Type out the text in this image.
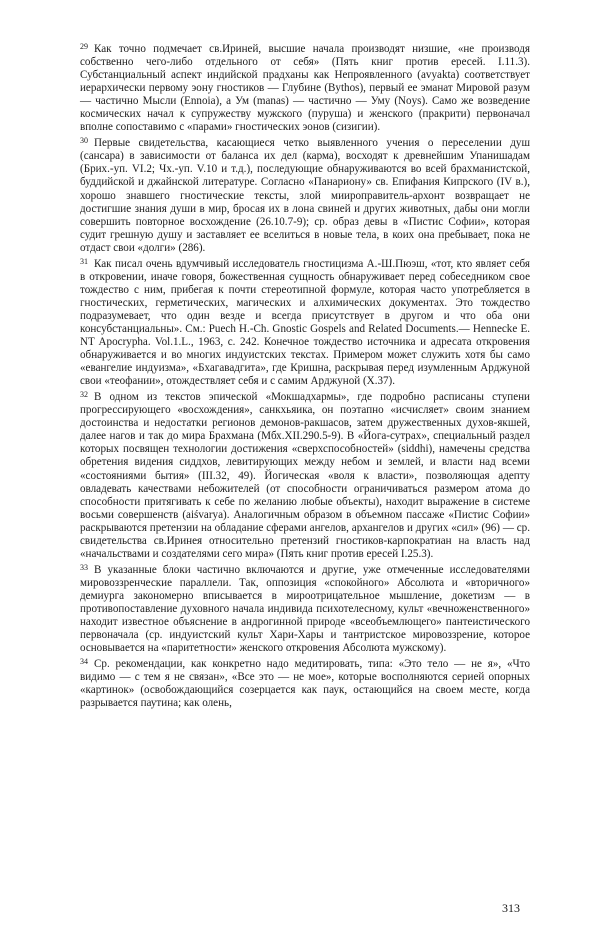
$^{29}$ Как точно подмечает св.Ириней, высшие начала производят низшие, «не производя собственно чего-либо отдельного от себя» (Пять книг против ересей. I.11.3). Субстанциальный аспект индийской прадханы как Непроявленного (avyakta) соответствует иерархически первому эону гностиков — Глубине (Bythos), первый ее эманат Мировой разум — частично Мысли (Ennoia), а Ум (manas) — частично — Уму (Noys). Само же возведение космических начал к супружеству мужского (пуруша) и женского (пракрити) первоначал вполне сопоставимо с «парами» гностических эонов (сизигии).

$^{30}$ Первые свидетельства, касающиеся четко выявленного учения о переселении душ (сансара) в зависимости от баланса их дел (карма), восходят к древнейшим Упанишадам (Брих.-уп. VI.2; Чх.-уп. V.10 и т.д.), последующие обнаруживаются во всей брахманистской, буддийской и джайнской литературе. Согласно «Панариону» св. Епифания Кипрского (IV в.), хорошо знавшего гностические тексты, злой миироправитель-архонт возвращает не достигшие знания души в мир, бросая их в лона свиней и других животных, дабы они могли совершить повторное восхождение (26.10.7-9); ср. образ девы в «Пистис Софии», которая судит грешную душу и заставляет ее вселиться в новые тела, в коих она пребывает, пока не отдаст свои «долги» (286).

$^{31}$ Как писал очень вдумчивый исследователь гностицизма А.-Ш.Пюэш, «тот, кто являет себя в откровении, иначе говоря, божественная сущность обнаруживает перед собеседником свое тождество с ним, прибегая к почти стереотипной формуле, которая часто употребляется в гностических, герметических, магических и алхимических документах. Это тождество подразумевает, что один везде и всегда присутствует в другом и что оба они консубстанциальны». См.: Puech H.-Ch. Gnostic Gospels and Related Documents.— Hennecke E. NT Apocrypha. Vol.1.L., 1963, с. 242. Конечное тождество источника и адресата откровения обнаруживается и во многих индуистских текстах. Примером может служить хотя бы само «евангелие индуизма», «Бхагавадгита», где Кришна, раскрывая перед изумленным Арджуной свои «теофании», отождествляет себя и с самим Арджуной (X.37).

$^{32}$ В одном из текстов эпической «Мокшадхармы», где подробно расписаны ступени прогрессирующего «восхождения», санкхьяика, он поэтапно «исчисляет» своим знанием достоинства и недостатки регионов демонов-ракшасов, затем дружественных духов-якшей, далее нагов и так до мира Брахмана (Мбх.XII.290.5-9). В «Йога-сутрах», специальный раздел которых посвящен технологии достижения «сверхспособностей» (siddhi), намечены средства обретения видения сиддхов, левитирующих между небом и землей, и власти над всеми «состояниями бытия» (III.32, 49). Йогическая «воля к власти», позволяющая адепту овладевать качествами небожителей (от способности ограничиваться размером атома до способности притягивать к себе по желанию любые объекты), находит выражение в системе восьми совершенств (aiśvarya). Аналогичным образом в объемном пассаже «Пистис Софии» раскрываются претензии на обладание сферами ангелов, архангелов и других «сил» (96) — ср. свидетельства св.Иринея относительно претензий гностиков-карпократиан на власть над «начальствами и создателями сего мира» (Пять книг против ересей I.25.3).

$^{33}$ В указанные блоки частично включаются и другие, уже отмеченные исследователями мировоззренческие параллели. Так, оппозиция «спокойного» Абсолюта и «вторичного» демиурга закономерно вписывается в мироотрицательное мышление, докетизм — в противопоставление духовного начала индивида психотелесному, культ «вечноженственного» находит известное объяснение в андрогинной природе «всеобъемлющего» пантеистического первоначала (ср. индуистский культ Хари-Хары и тантристское мировоззрение, которое основывается на «паритетности» женского откровения Абсолюта мужскому).

$^{34}$ Ср. рекомендации, как конкретно надо медитировать, типа: «Это тело — не я», «Что видимо — с тем я не связан», «Все это — не мое», которые восполняются серией опорных «картинок» (освобождающийся созерцается как паук, остающийся на своем месте, когда разрывается паутина; как олень,

313
